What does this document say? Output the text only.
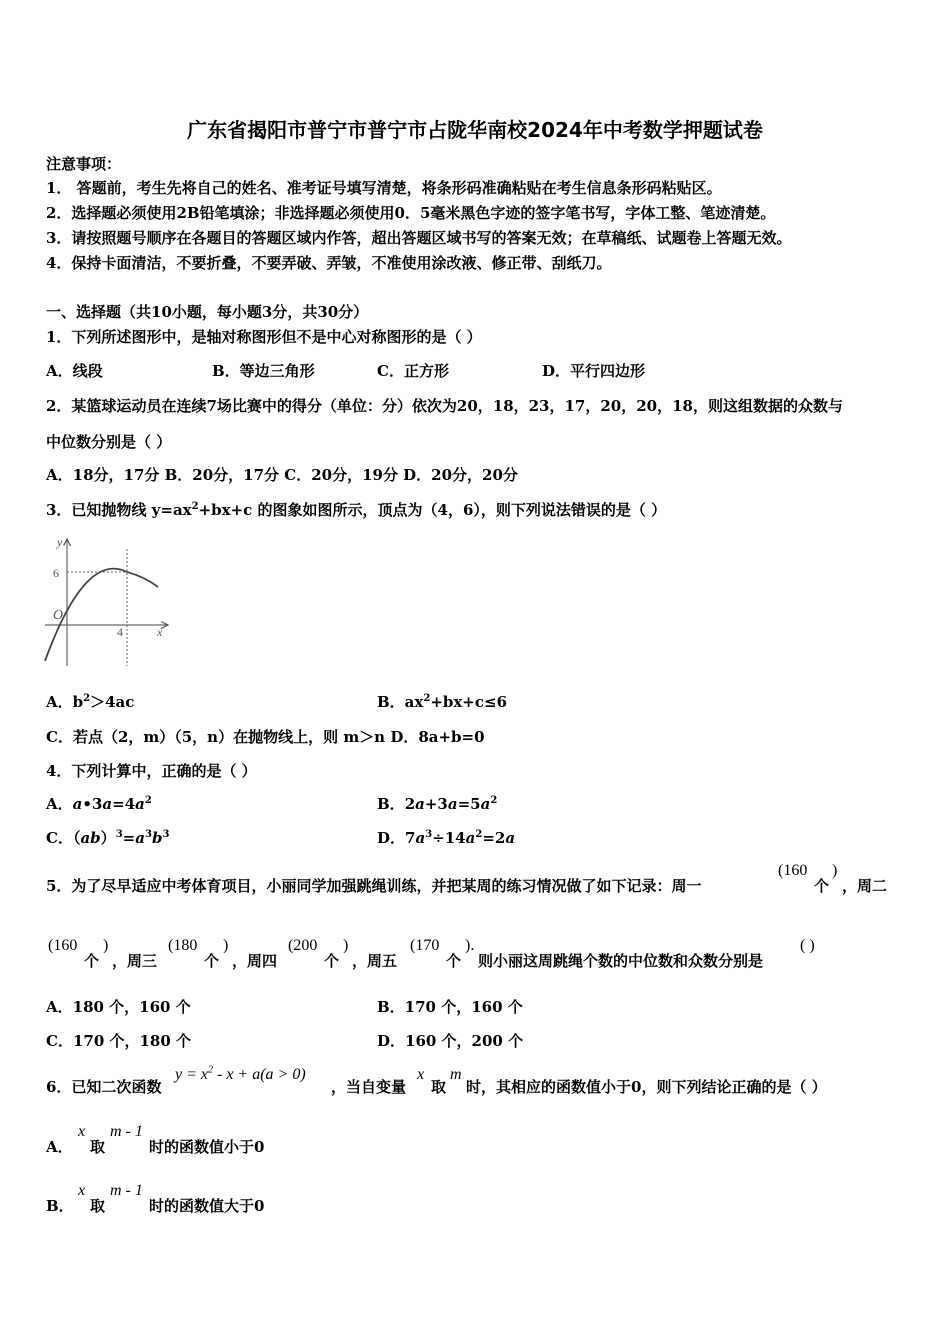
广东省揭阳市普宁市普宁市占陇华南校2024年中考数学押题试卷
注意事项：
1． 答题前，考生先将自己的姓名、准考证号填写清楚，将条形码准确粘贴在考生信息条形码粘贴区。
2．选择题必须使用2B铅笔填涂；非选择题必须使用0．5毫米黑色字迹的签字笔书写，字体工整、笔迹清楚。
3．请按照题号顺序在各题目的答题区域内作答，超出答题区域书写的答案无效；在草稿纸、试题卷上答题无效。
4．保持卡面清洁，不要折叠，不要弄破、弄皱，不准使用涂改液、修正带、刮纸刀。
一、选择题（共10小题，每小题3分，共30分）
1．下列所述图形中，是轴对称图形但不是中心对称图形的是（ ）
A．线段	B．等边三角形	C．正方形	D．平行四边形
2．某篮球运动员在连续7场比赛中的得分（单位：分）依次为20，18，23，17，20，20，18，则这组数据的众数与
中位数分别是（ ）
A．18分，17分 B．20分，17分 C．20分，19分 D．20分，20分
3．已知抛物线 $y=ax^2+bx+c$ 的图象如图所示，顶点为（4，6），则下列说法错误的是（ ）
y
x
O
6
4
A．$b^2>4ac$	B．$ax^2+bx+c\le 6$
C．若点（2，m）（5，n）在抛物线上，则 m＞n D．8a+b=0
4．下列计算中，正确的是（ ）
A．$a•3a=4a^2$	B．$2a+3a=5a^2$
C．$(ab)^3=a^3b^3$	D．$7a^3\div 14a^2=2a$
5．为了尽早适应中考体育项目，小丽同学加强跳绳训练，并把某周的练习情况做了如下记录：周一
(160
个
)
，周二
(160
个
)
，周三
(180
个
)
，周四
(200
个
)
，周五
(170
个
).
则小丽这周跳绳个数的中位数和众数分别是
( )
A．180 个，160 个	B．170 个，160 个
C．170 个，180 个	D．160 个，200 个
6．已知二次函数
$y = x^2 - x + a(a > 0)$
，当自变量
x
取
m
时，其相应的函数值小于0，则下列结论正确的是（ ）
A．
x
取
m - 1
时的函数值小于0
B．
x
取
m - 1
时的函数值大于0
